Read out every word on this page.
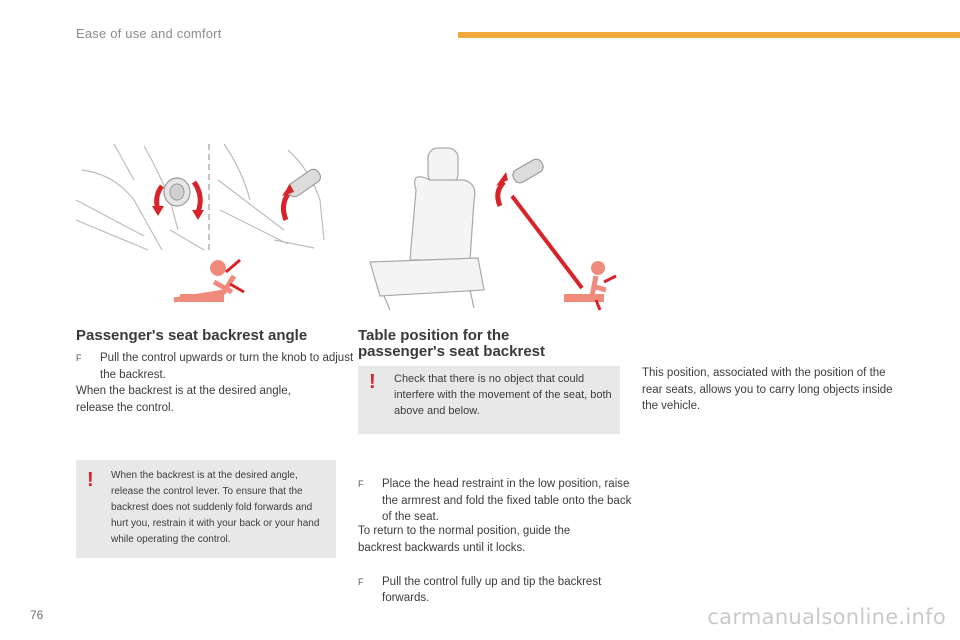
Ease of use and comfort
Passenger's seat backrest angle
F Pull the control upwards or turn the knob to adjust the backrest.
When the backrest is at the desired angle, release the control.
! When the backrest is at the desired angle, release the control lever. To ensure that the backrest does not suddenly fold forwards and hurt you, restrain it with your back or your hand while operating the control.
Table position for the
passenger's seat backrest
! Check that there is no object that could interfere with the movement of the seat, both above and below.
F Place the head restraint in the low position, raise the armrest and fold the fixed table onto the back of the seat.
F Pull the control fully up and tip the backrest forwards.
To return to the normal position, guide the backrest backwards until it locks.
This position, associated with the position of the rear seats, allows you to carry long objects inside the vehicle.
76	carmanualsonline.info
